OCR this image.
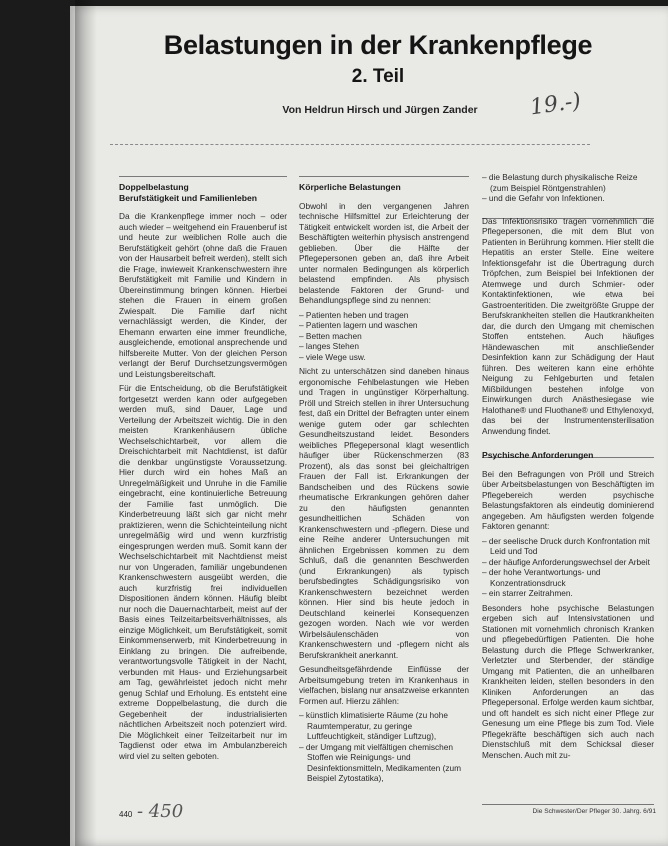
Belastungen in der Krankenpflege
2. Teil
Von Heldrun Hirsch und Jürgen Zander	19.-)
Doppelbelastung
Berufstätigkeit und Familienleben

Da die Krankenpflege immer noch – oder auch wieder – weitgehend ein Frauenberuf ist und heute zur weiblichen Rolle auch die Berufstätigkeit gehört (ohne daß die Frauen von der Hausarbeit befreit werden), stellt sich die Frage, inwieweit Krankenschwestern ihre Berufstätigkeit mit Familie und Kindern in Übereinstimmung bringen können. Hierbei stehen die Frauen in einem großen Zwiespalt. Die Familie darf nicht vernachlässigt werden, die Kinder, der Ehemann erwarten eine immer freundliche, ausgleichende, emotional ansprechende und hilfsbereite Mutter. Von der gleichen Person verlangt der Beruf Durchsetzungsvermögen und Leistungsbereitschaft.

Für die Entscheidung, ob die Berufstätigkeit fortgesetzt werden kann oder aufgegeben werden muß, sind Dauer, Lage und Verteilung der Arbeitszeit wichtig. Die in den meisten Krankenhäusern übliche Wechselschichtarbeit, vor allem die Dreischichtarbeit mit Nachtdienst, ist dafür die denkbar ungünstigste Voraussetzung. Hier durch wird ein hohes Maß an Unregelmäßigkeit und Unruhe in die Familie eingebracht, eine kontinuierliche Betreuung der Familie fast unmöglich. Die Kinderbetreuung läßt sich gar nicht mehr praktizieren, wenn die Schichteinteilung nicht unregelmäßig wird und wenn kurzfristig eingesprungen werden muß. Somit kann der Wechselschichtarbeit mit Nachtdienst meist nur von Ungeraden, familiär ungebundenen Krankenschwestern ausgeübt werden, die auch kurzfristig frei individuellen Dispositionen ändern können. Häufig bleibt nur noch die Dauernachtarbeit, meist auf der Basis eines Teilzeitarbeitsverhältnisses, als einzige Möglichkeit, um Berufstätigkeit, somit Einkommenserwerb, mit Kinderbetreuung in Einklang zu bringen. Die aufreibende, verantwortungsvolle Tätigkeit in der Nacht, verbunden mit Haus- und Erziehungsarbeit am Tag, gewährleistet jedoch nicht mehr genug Schlaf und Erholung. Es entsteht eine extreme Doppelbelastung, die durch die Gegebenheit der industrialisierten nächtlichen Arbeitszeit noch potenziert wird. Die Möglichkeit einer Teilzeitarbeit nur im Tagdienst oder etwa im Ambulanzbereich wird viel zu selten geboten.

Körperliche Belastungen

Obwohl in den vergangenen Jahren technische Hilfsmittel zur Erleichterung der Tätigkeit entwickelt worden ist, die Arbeit der Beschäftigten weiterhin physisch anstrengend geblieben. Über die Hälfte der Pflegepersonen geben an, daß ihre Arbeit unter normalen Bedingungen als körperlich belastend empfinden. Als physisch belastende Faktoren der Grund- und Behandlungspflege sind zu nennen:

– Patienten heben und tragen
– Patienten lagern und waschen
– Betten machen
– langes Stehen
– viele Wege usw.

Nicht zu unterschätzen sind daneben hinaus ergonomische Fehlbelastungen wie Heben und Tragen in ungünstiger Körperhaltung. Pröll und Streich stellen in ihrer Untersuchung fest, daß ein Drittel der Befragten unter einem wenige gutem oder gar schlechten Gesundheitszustand leidet. Besonders weibliches Pflegepersonal klagt wesentlich häufiger über Rückenschmerzen (83 Prozent), als das sonst bei gleichaltrigen Frauen der Fall ist. Erkrankungen der Bandscheiben und des Rückens sowie rheumatische Erkrankungen gehören daher zu den häufigsten genannten gesundheitlichen Schäden von Krankenschwestern und -pflegern. Diese und eine Reihe anderer Untersuchungen mit ähnlichen Ergebnissen kommen zu dem Schluß, daß die genannten Beschwerden (und Erkrankungen) als typisch berufsbedingtes Schädigungsrisiko von Krankenschwestern bezeichnet werden können. Hier sind bis heute jedoch in Deutschland keinerlei Konsequenzen gezogen worden. Nach wie vor werden Wirbelsäulenschäden von Krankenschwestern und -pflegern nicht als Berufskrankheit anerkannt.

Gesundheitsgefährdende Einflüsse der Arbeitsumgebung treten im Krankenhaus in vielfachen, bislang nur ansatzweise erkannten Formen auf. Hierzu zählen:

– künstlich klimatisierte Räume (zu hohe Raumtemperatur, zu geringe Luftfeuchtigkeit, ständiger Luftzug),
– der Umgang mit vielfältigen chemischen Stoffen wie Reinigungs- und Desinfektionsmitteln, Medikamenten (zum Beispiel Zytostatika),
– die Belastung durch physikalische Reize (zum Beispiel Röntgenstrahlen)
– und die Gefahr von Infektionen.

Das Infektionsrisiko tragen vornehmlich die Pflegepersonen, die mit dem Blut von Patienten in Berührung kommen. Hier stellt die Hepatitis an erster Stelle. Eine weitere Infektionsgefahr ist die Übertragung durch Tröpfchen, zum Beispiel bei Infektionen der Atemwege und durch Schmier- oder Kontaktinfektionen, wie etwa bei Gastroenteritiden. Die zweitgrößte Gruppe der Berufskrankheiten stellen die Hautkrankheiten dar, die durch den Umgang mit chemischen Stoffen entstehen. Auch häufiges Händewaschen mit anschließender Desinfektion kann zur Schädigung der Haut führen. Des weiteren kann eine erhöhte Neigung zu Fehlgeburten und fetalen Mißbildungen bestehen infolge von Einwirkungen durch Anästhesiegase wie Halothane® und Fluothane® und Ethylenoxyd, das bei der Instrumentensterilisation Anwendung findet.

Psychische Anforderungen

Bei den Befragungen von Pröll und Streich über Arbeitsbelastungen von Beschäftigten im Pflegebereich werden psychische Belastungsfaktoren als eindeutig dominierend angegeben. Am häufigsten werden folgende Faktoren genannt:

– der seelische Druck durch Konfrontation mit Leid und Tod
– der häufige Anforderungswechsel der Arbeit
– der hohe Verantwortungs- und Konzentrationsdruck
– ein starrer Zeitrahmen.

Besonders hohe psychische Belastungen ergeben sich auf Intensivstationen und Stationen mit vornehmlich chronisch Kranken und pflegebedürftigen Patienten. Die hohe Belastung durch die Pflege Schwerkranker, Verletzter und Sterbender, der ständige Umgang mit Patienten, die an unheilbaren Krankheiten leiden, stellen besonders in den Kliniken Anforderungen an das Pflegepersonal. Erfolge werden kaum sichtbar, und oft handelt es sich nicht einer Pflege zur Genesung um eine Pflege bis zum Tod. Viele Pflegekräfte beschäftigen sich auch nach Dienstschluß mit dem Schicksal dieser Menschen. Auch mit zu-

440 - 450	Die Schwester/Der Pfleger 30. Jahrg. 6/91
